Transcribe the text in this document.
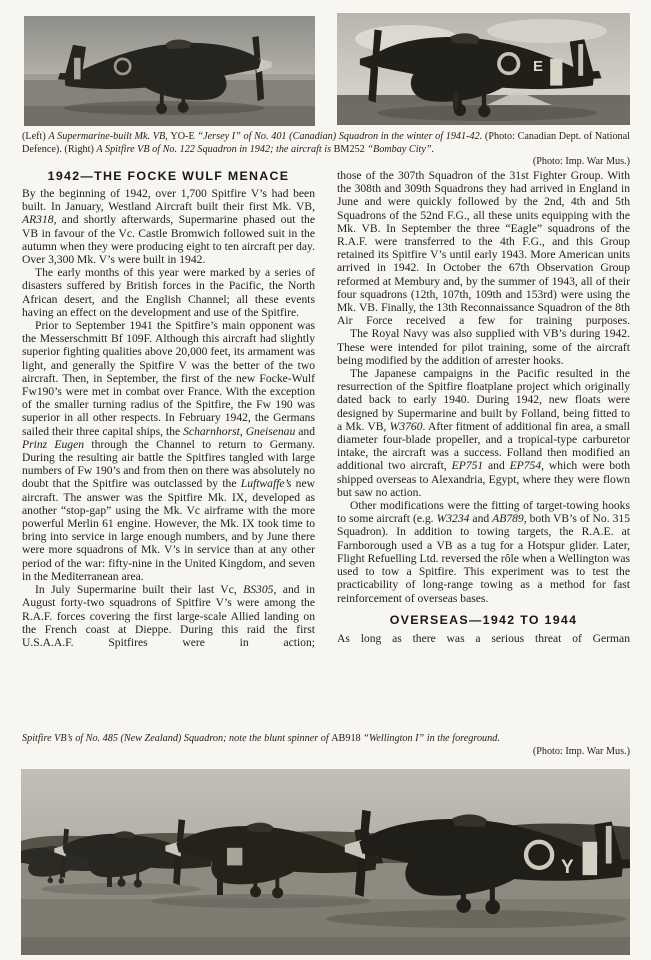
E
(Left) A Supermarine-built Mk. VB, YO-E “Jersey I” of No. 401 (Canadian) Squadron in the winter of 1941-42. (Photo: Canadian Dept. of National Defence). (Right) A Spitfire VB of No. 122 Squadron in 1942; the aircraft is BM252 “Bombay City”.
(Photo: Imp. War Mus.)
1942—THE FOCKE WULF MENACE

By the beginning of 1942, over 1,700 Spitfire V’s had been built. In January, Westland Aircraft built their first Mk. VB, AR318, and shortly afterwards, Supermarine phased out the VB in favour of the Vc. Castle Bromwich followed suit in the autumn when they were producing eight to ten aircraft per day. Over 3,300 Mk. V’s were built in 1942.

The early months of this year were marked by a series of disasters suffered by British forces in the Pacific, the North African desert, and the English Channel; all these events having an effect on the development and use of the Spitfire.

Prior to September 1941 the Spitfire’s main opponent was the Messerschmitt Bf 109F. Although this aircraft had slightly superior fighting qualities above 20,000 feet, its armament was light, and generally the Spitfire V was the better of the two aircraft. Then, in September, the first of the new Focke-Wulf Fw190’s were met in combat over France. With the exception of the smaller turning radius of the Spitfire, the Fw 190 was superior in all other respects. In February 1942, the Germans sailed their three capital ships, the Scharnhorst, Gneisenau and Prinz Eugen through the Channel to return to Germany. During the resulting air battle the Spitfires tangled with large numbers of Fw 190’s and from then on there was absolutely no doubt that the Spitfire was outclassed by the Luftwaffe’s new aircraft. The answer was the Spitfire Mk. IX, developed as another “stop-gap” using the Mk. Vc airframe with the more powerful Merlin 61 engine. However, the Mk. IX took time to bring into service in large enough numbers, and by June there were more squadrons of Mk. V’s in service than at any other period of the war: fifty-nine in the United Kingdom, and seven in the Mediterranean area.

In July Supermarine built their last Vc, BS305, and in August forty-two squadrons of Spitfire V’s were among the R.A.F. forces covering the first large-scale Allied landing on the French coast at Dieppe. During this raid the first U.S.A.A.F. Spitfires were in action;

those of the 307th Squadron of the 31st Fighter Group. With the 308th and 309th Squadrons they had arrived in England in June and were quickly followed by the 2nd, 4th and 5th Squadrons of the 52nd F.G., all these units equipping with the Mk. VB. In September the three “Eagle” squadrons of the R.A.F. were transferred to the 4th F.G., and this Group retained its Spitfire V’s until early 1943. More American units arrived in 1942. In October the 67th Observation Group reformed at Membury and, by the summer of 1943, all of their four squadrons (12th, 107th, 109th and 153rd) were using the Mk. VB. Finally, the 13th Reconnaissance Squadron of the 8th Air Force received a few for training purposes.

The Royal Navy was also supplied with VB’s during 1942. These were intended for pilot training, some of the aircraft being modified by the addition of arrester hooks.

The Japanese campaigns in the Pacific resulted in the resurrection of the Spitfire floatplane project which originally dated back to early 1940. During 1942, new floats were designed by Supermarine and built by Folland, being fitted to a Mk. VB, W3760. After fitment of additional fin area, a small diameter four-blade propeller, and a tropical-type carburetor intake, the aircraft was a success. Folland then modified an additional two aircraft, EP751 and EP754, which were both shipped overseas to Alexandria, Egypt, where they were flown but saw no action.

Other modifications were the fitting of target-towing hooks to some aircraft (e.g. W3234 and AB789, both VB’s of No. 315 Squadron). In addition to towing targets, the R.A.E. at Farnborough used a VB as a tug for a Hotspur glider. Later, Flight Refuelling Ltd. reversed the rôle when a Wellington was used to tow a Spitfire. This experiment was to test the practicability of long-range towing as a method for fast reinforcement of overseas bases.

OVERSEAS—1942 TO 1944

As long as there was a serious threat of German

Spitfire VB’s of No. 485 (New Zealand) Squadron; note the blunt spinner of AB918 “Wellington I” in the foreground.
(Photo: Imp. War Mus.)
Y
